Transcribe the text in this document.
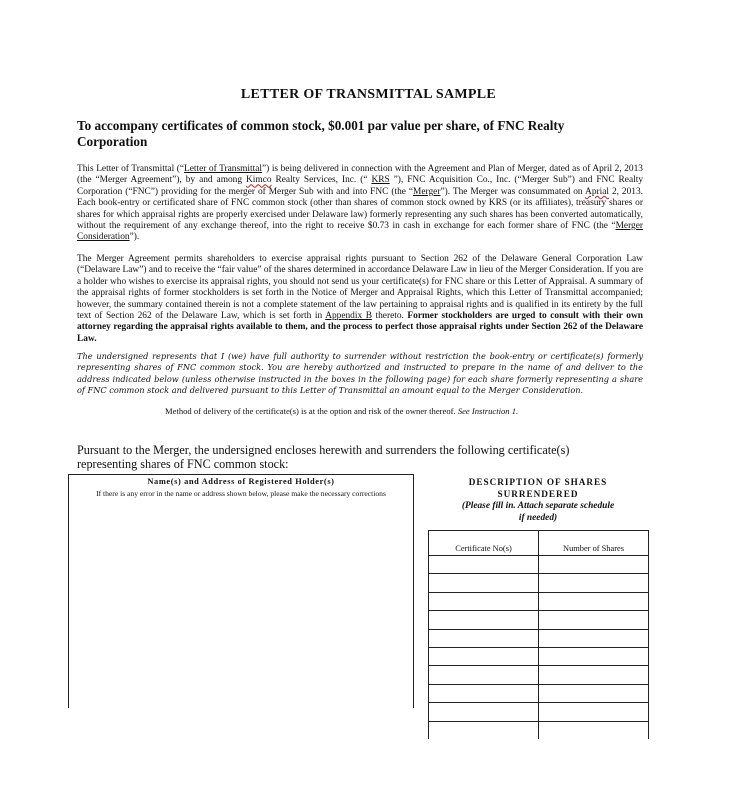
LETTER OF TRANSMITTAL SAMPLE
To accompany certificates of common stock, $0.001 par value per share, of FNC Realty Corporation
This Letter of Transmittal (“Letter of Transmittal”) is being delivered in connection with the Agreement and Plan of Merger, dated as of April 2, 2013 (the “Merger Agreement”), by and among Kimco Realty Services, Inc. (“ KRS ”), FNC Acquisition Co., Inc. (“Merger Sub”) and FNC Realty Corporation (“FNC”) providing for the merger of Merger Sub with and into FNC (the “Merger”). The Merger was consummated on Aprial 2, 2013. Each book-entry or certificated share of FNC common stock (other than shares of common stock owned by KRS (or its affiliates), treasury shares or shares for which appraisal rights are properly exercised under Delaware law) formerly representing any such shares has been converted automatically, without the requirement of any exchange thereof, into the right to receive $0.73 in cash in exchange for each former share of FNC (the “Merger Consideration”).
The Merger Agreement permits shareholders to exercise appraisal rights pursuant to Section 262 of the Delaware General Corporation Law (“Delaware Law”) and to receive the “fair value” of the shares determined in accordance Delaware Law in lieu of the Merger Consideration. If you are a holder who wishes to exercise its appraisal rights, you should not send us your certificate(s) for FNC share or this Letter of Appraisal. A summary of the appraisal rights of former stockholders is set forth in the Notice of Merger and Appraisal Rights, which this Letter of Transmittal accompanied; however, the summary contained therein is not a complete statement of the law pertaining to appraisal rights and is qualified in its entirety by the full text of Section 262 of the Delaware Law, which is set forth in Appendix B thereto. Former stockholders are urged to consult with their own attorney regarding the appraisal rights available to them, and the process to perfect those appraisal rights under Section 262 of the Delaware Law.
The undersigned represents that I (we) have full authority to surrender without restriction the book-entry or certificate(s) formerly representing shares of FNC common stock. You are hereby authorized and instructed to prepare in the name of and deliver to the address indicated below (unless otherwise instructed in the boxes in the following page) for each share formerly representing a share of FNC common stock and delivered pursuant to this Letter of Transmittal an amount equal to the Merger Consideration.
Method of delivery of the certificate(s) is at the option and risk of the owner thereof. See Instruction 1.
Pursuant to the Merger, the undersigned encloses herewith and surrenders the following certificate(s) representing shares of FNC common stock:
Name(s) and Address of Registered Holder(s)
If there is any error in the name or address shown below, please make the necessary corrections
DESCRIPTION OF SHARES
SURRENDERED
(Please fill in. Attach separate schedule
if needed)
Certificate No(s)	Number of Shares
